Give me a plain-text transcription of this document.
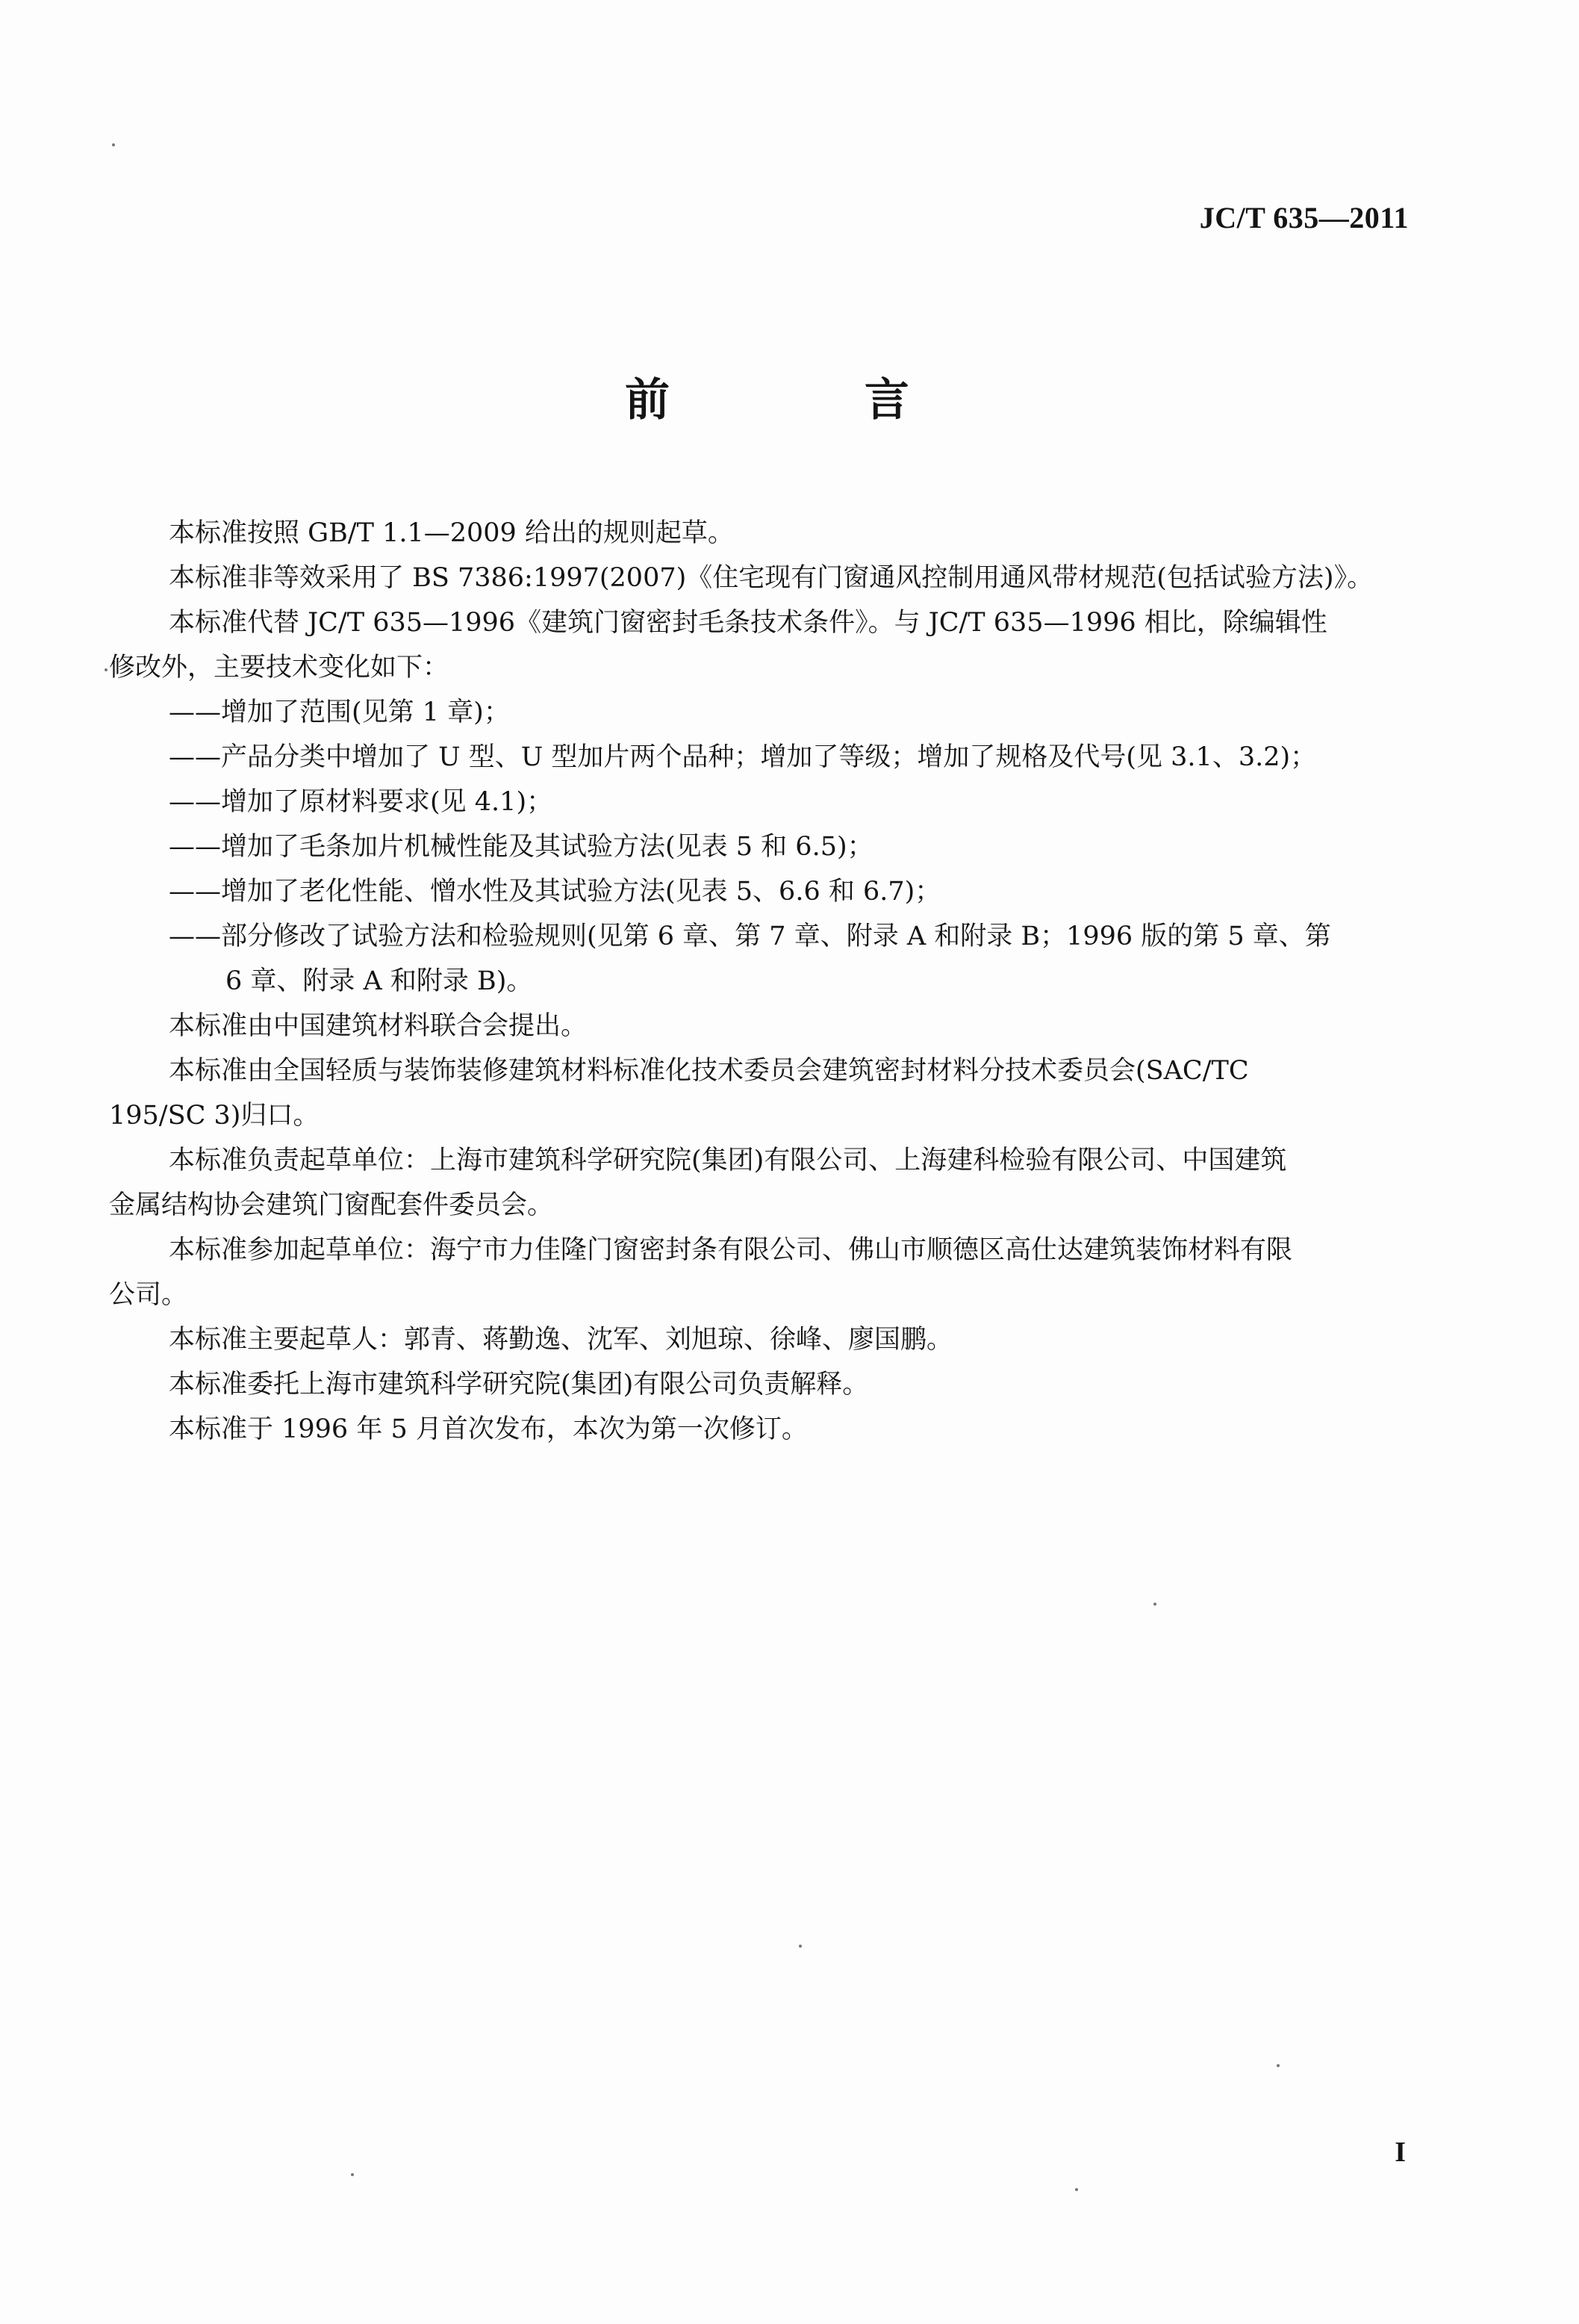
JC/T 635—2011
前 言

本标准按照 GB/T 1.1—2009 给出的规则起草。

本标准非等效采用了 BS 7386:1997(2007)《住宅现有门窗通风控制用通风带材规范(包括试验方法)》。

本标准代替 JC/T 635—1996《建筑门窗密封毛条技术条件》。与 JC/T 635—1996 相比，除编辑性

修改外，主要技术变化如下：

——增加了范围(见第 1 章)；

——产品分类中增加了 U 型、U 型加片两个品种；增加了等级；增加了规格及代号(见 3.1、3.2)；

——增加了原材料要求(见 4.1)；

——增加了毛条加片机械性能及其试验方法(见表 5 和 6.5)；

——增加了老化性能、憎水性及其试验方法(见表 5、6.6 和 6.7)；

——部分修改了试验方法和检验规则(见第 6 章、第 7 章、附录 A 和附录 B；1996 版的第 5 章、第

6 章、附录 A 和附录 B)。

本标准由中国建筑材料联合会提出。

本标准由全国轻质与装饰装修建筑材料标准化技术委员会建筑密封材料分技术委员会(SAC/TC

195/SC 3)归口。

本标准负责起草单位：上海市建筑科学研究院(集团)有限公司、上海建科检验有限公司、中国建筑

金属结构协会建筑门窗配套件委员会。

本标准参加起草单位：海宁市力佳隆门窗密封条有限公司、佛山市顺德区高仕达建筑装饰材料有限

公司。

本标准主要起草人：郭青、蒋勤逸、沈军、刘旭琼、徐峰、廖国鹏。

本标准委托上海市建筑科学研究院(集团)有限公司负责解释。

本标准于 1996 年 5 月首次发布，本次为第一次修订。

I
